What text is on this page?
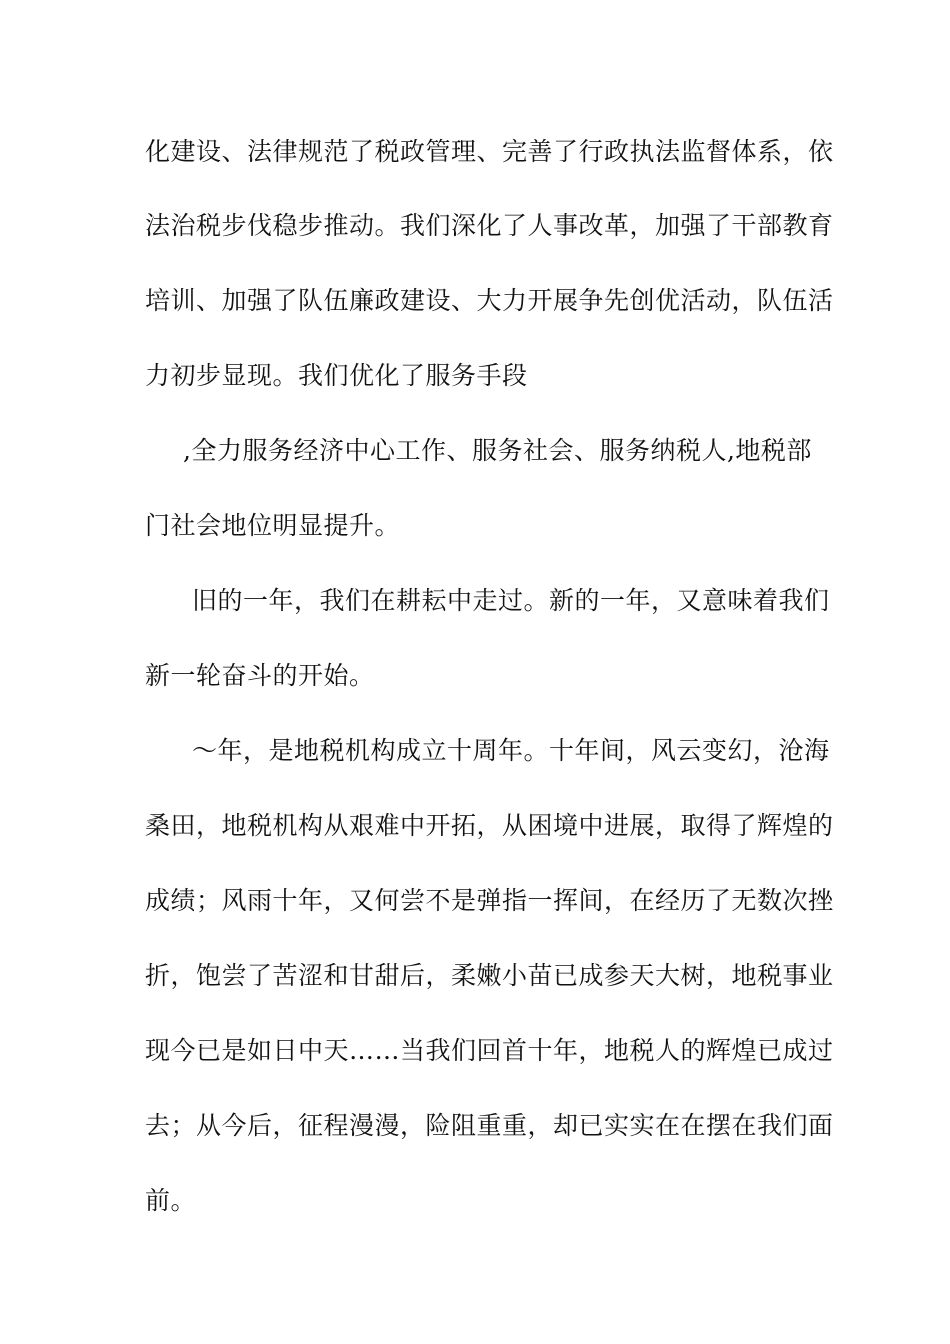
化建设、法律规范了税政管理、完善了行政执法监督体系，依
法治税步伐稳步推动。我们深化了人事改革，加强了干部教育
培训、加强了队伍廉政建设、大力开展争先创优活动，队伍活
力初步显现。我们优化了服务手段
,全力服务经济中心工作、服务社会、服务纳税人,地税部
门社会地位明显提升。
旧的一年，我们在耕耘中走过。新的一年，又意味着我们
新一轮奋斗的开始。
～年，是地税机构成立十周年。十年间，风云变幻，沧海
桑田，地税机构从艰难中开拓，从困境中进展，取得了辉煌的
成绩；风雨十年，又何尝不是弹指一挥间，在经历了无数次挫
折，饱尝了苦涩和甘甜后，柔嫩小苗已成参天大树，地税事业
现今已是如日中天……当我们回首十年，地税人的辉煌已成过
去；从今后，征程漫漫，险阻重重，却已实实在在摆在我们面
前。
